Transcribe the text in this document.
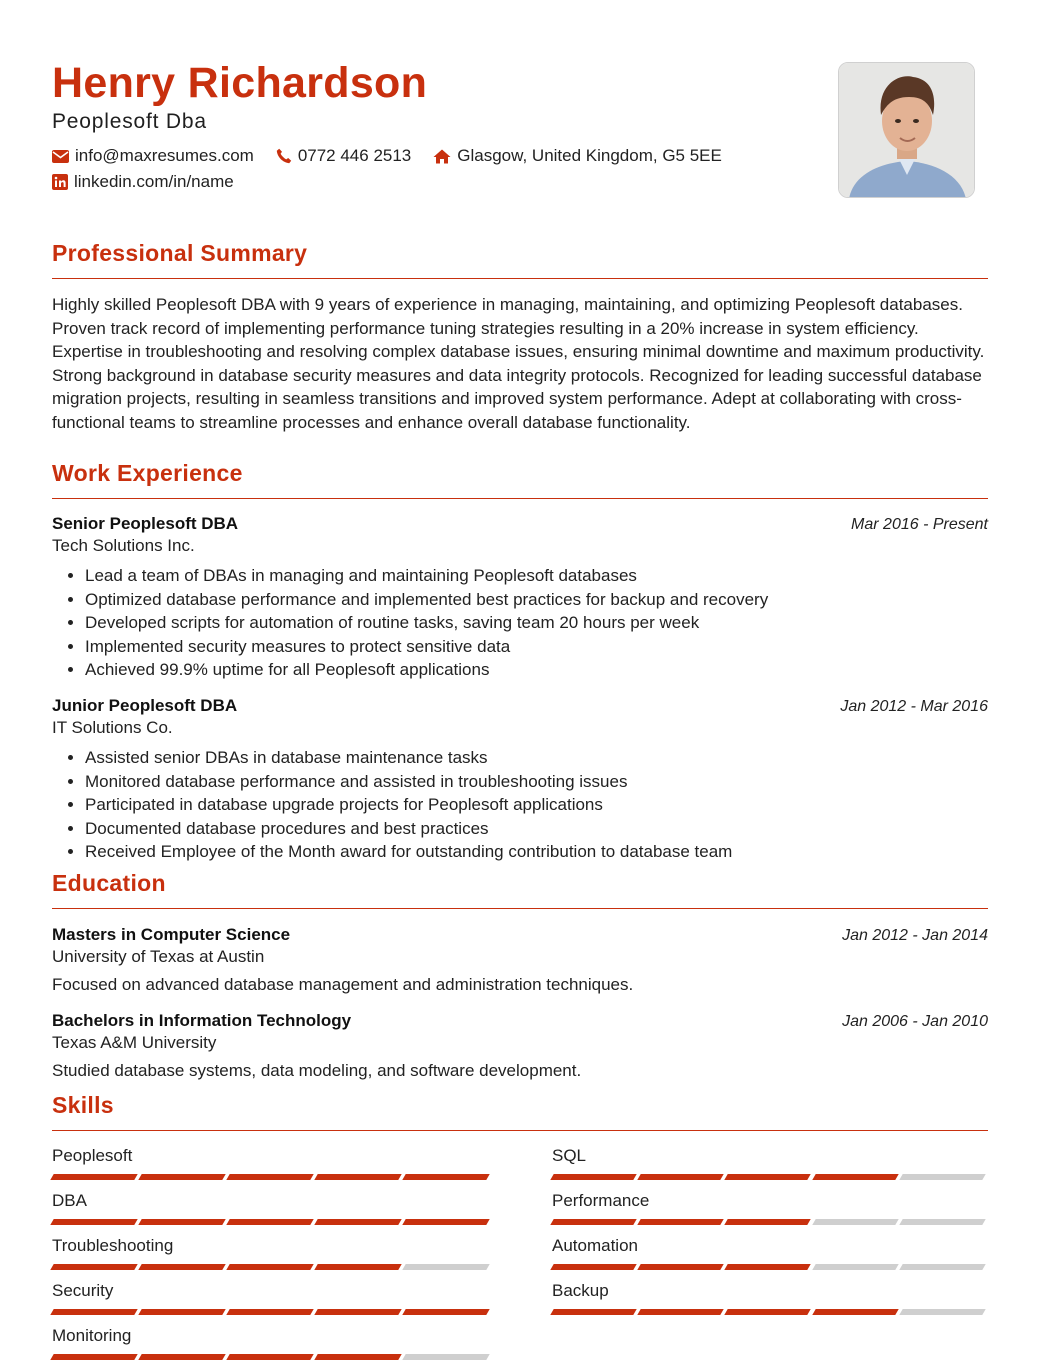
Henry Richardson
Peoplesoft Dba
info@maxresumes.com	0772 446 2513	Glasgow, United Kingdom, G5 5EE
linkedin.com/in/name
Professional Summary

Highly skilled Peoplesoft DBA with 9 years of experience in managing, maintaining, and optimizing Peoplesoft databases. Proven track record of implementing performance tuning strategies resulting in a 20% increase in system efficiency. Expertise in troubleshooting and resolving complex database issues, ensuring minimal downtime and maximum productivity. Strong background in database security measures and data integrity protocols. Recognized for leading successful database migration projects, resulting in seamless transitions and improved system performance. Adept at collaborating with cross-functional teams to streamline processes and enhance overall database functionality.

Work Experience
Senior Peoplesoft DBA	Mar 2016 - Present
Tech Solutions Inc.
• Lead a team of DBAs in managing and maintaining Peoplesoft databases
• Optimized database performance and implemented best practices for backup and recovery
• Developed scripts for automation of routine tasks, saving team 20 hours per week
• Implemented security measures to protect sensitive data
• Achieved 99.9% uptime for all Peoplesoft applications
Junior Peoplesoft DBA	Jan 2012 - Mar 2016
IT Solutions Co.
• Assisted senior DBAs in database maintenance tasks
• Monitored database performance and assisted in troubleshooting issues
• Participated in database upgrade projects for Peoplesoft applications
• Documented database procedures and best practices
• Received Employee of the Month award for outstanding contribution to database team
Education
Masters in Computer Science	Jan 2012 - Jan 2014
University of Texas at Austin
Focused on advanced database management and administration techniques.
Bachelors in Information Technology	Jan 2006 - Jan 2010
Texas A&M University
Studied database systems, data modeling, and software development.
Skills
Peoplesoft	SQL
DBA	Performance
Troubleshooting	Automation
Security	Backup
Monitoring
